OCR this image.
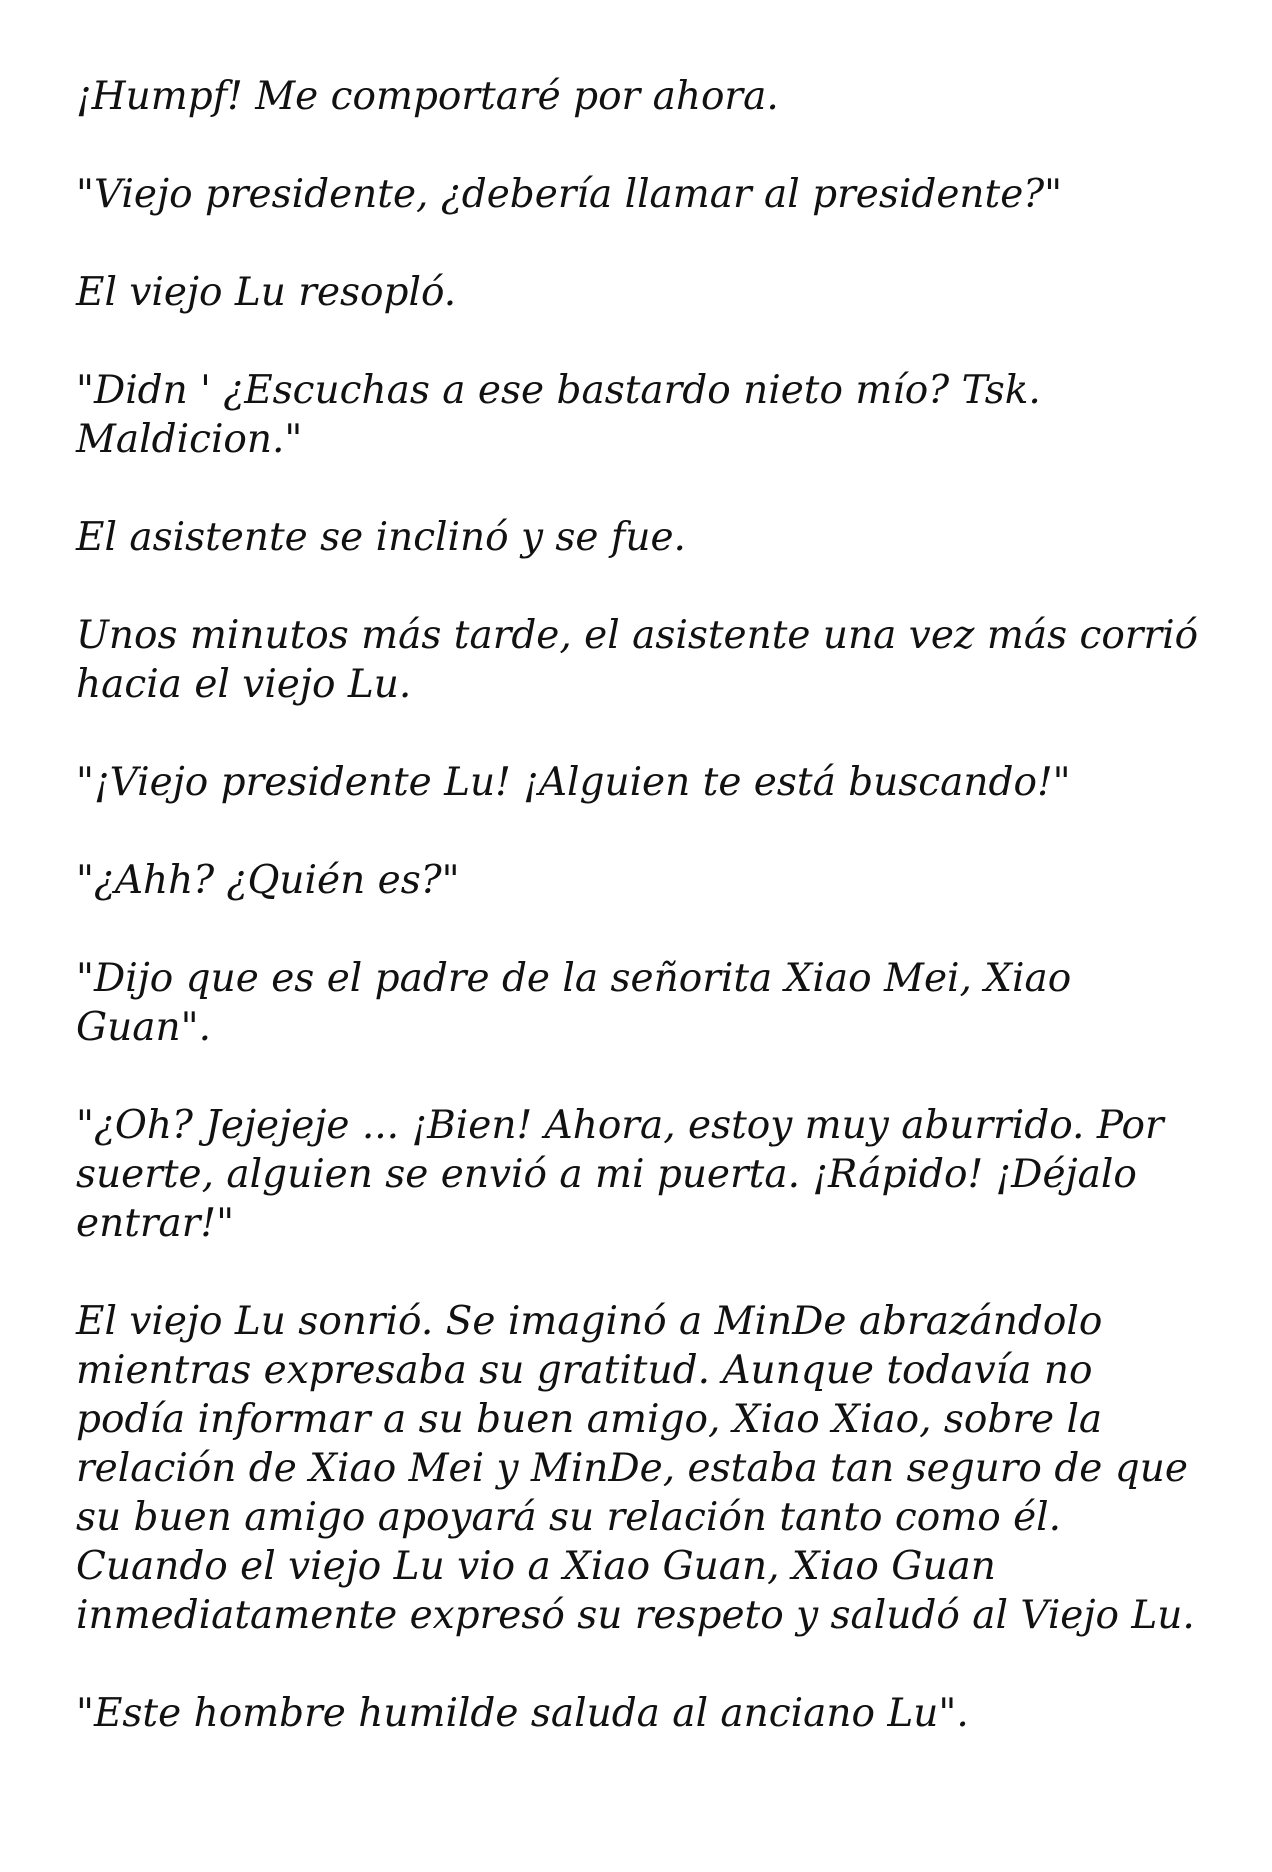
¡Humpf! Me comportaré por ahora.

"Viejo presidente, ¿debería llamar al presidente?"

El viejo Lu resopló.

"Didn ' ¿Escuchas a ese bastardo nieto mío? Tsk. Maldicion."

El asistente se inclinó y se fue.

Unos minutos más tarde, el asistente una vez más corrió hacia el viejo Lu.

"¡Viejo presidente Lu! ¡Alguien te está buscando!"

"¿Ahh? ¿Quién es?"

"Dijo que es el padre de la señorita Xiao Mei, Xiao Guan".

"¿Oh? Jejejeje ... ¡Bien! Ahora, estoy muy aburrido. Por suerte, alguien se envió a mi puerta. ¡Rápido! ¡Déjalo entrar!"

El viejo Lu sonrió. Se imaginó a MinDe abrazándolo mientras expresaba su gratitud. Aunque todavía no podía informar a su buen amigo, Xiao Xiao, sobre la relación de Xiao Mei y MinDe, estaba tan seguro de que su buen amigo apoyará su relación tanto como él. Cuando el viejo Lu vio a Xiao Guan, Xiao Guan inmediatamente expresó su respeto y saludó al Viejo Lu.

"Este hombre humilde saluda al anciano Lu".
